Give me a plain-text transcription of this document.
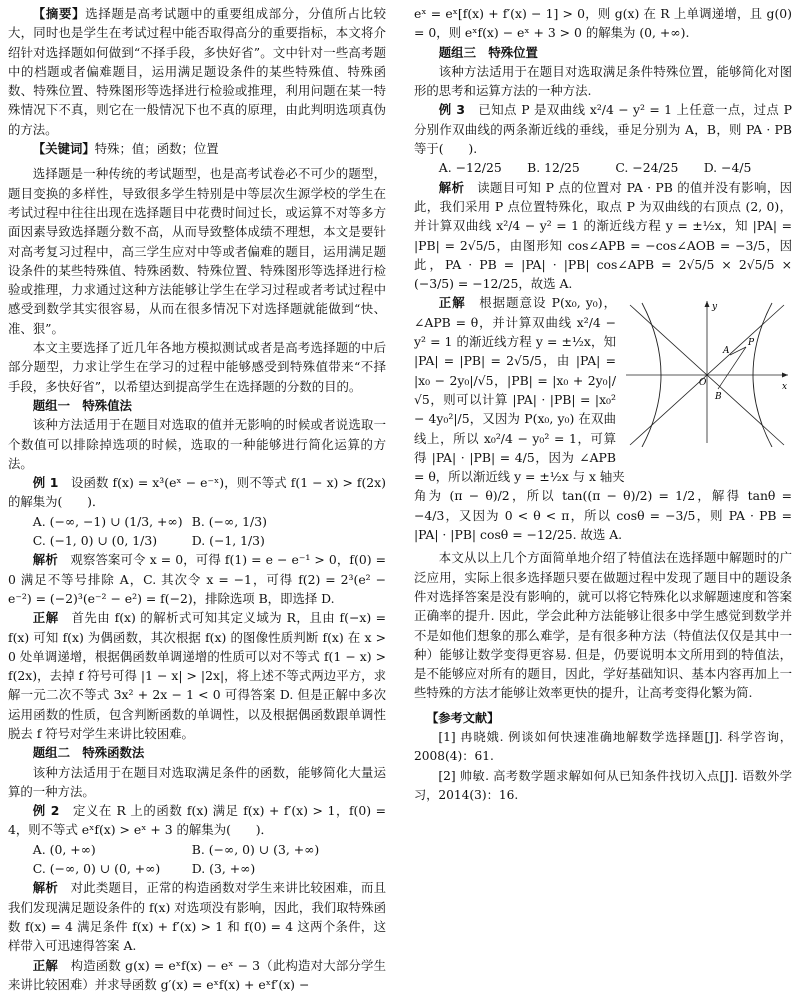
【摘要】选择题是高考试题中的重要组成部分，分值所占比较大，同时也是学生在考试过程中能否取得高分的重要指标，本文将介绍针对选择题如何做到“不择手段，多快好省”。文中针对一些高考题中的档题或者偏难题目，运用满足题设条件的某些特殊值、特殊函数、特殊位置、特殊图形等选择进行检验或推理，利用问题在某一特殊情况下不真，则它在一般情况下也不真的原理，由此判明选项真伪的方法。

【关键词】特殊；值；函数；位置

选择题是一种传统的考试题型，也是高考试卷必不可少的题型，题目变换的多样性，导致很多学生特别是中等层次生源学校的学生在考试过程中往往出现在选择题目中花费时间过长，或运算不对等多方面因素导致选择题分数不高，从而导致整体成绩不理想，本文是要针对高考复习过程中，高三学生应对中等或者偏难的题目，运用满足题设条件的某些特殊值、特殊函数、特殊位置、特殊图形等选择进行检验或推理，力求通过这种方法能够让学生在学习过程或者考试过程中感受到数学其实很容易，从而在很多情况下对选择题就能做到“快、准、狠”。

本文主要选择了近几年各地方模拟测试或者是高考选择题的中后部分题型，力求让学生在学习的过程中能够感受到特殊值带来“不择手段，多快好省”，以希望达到提高学生在选择题的分数的目的。

题组一　特殊值法

该种方法适用于在题目对选取的值并无影响的时候或者说选取一个数值可以排除掉选项的时候，选取的一种能够进行简化运算的方法。

例 1　 设函数 f(x) = x³(eˣ − e⁻ˣ)，则不等式 f(1 − x) > f(2x) 的解集为(　　)．

A. (−∞, −1) ∪ (1/3, +∞) B. (−∞, 1/3)
C. (−1, 0) ∪ (0, 1/3)	D. (−1, 1/3)

解析　 观察答案可令 x = 0，可得 f(1) = e − e⁻¹ > 0，f(0) = 0 满足不等号排除 A，C. 其次令 x = −1，可得 f(2) = 2³(e² − e⁻²) = (−2)³(e⁻² − e²) = f(−2)，排除选项 B，即选择 D.

正解　 首先由 f(x) 的解析式可知其定义域为 R，且由 f(−x) = f(x) 可知 f(x) 为偶函数，其次根据 f(x) 的图像性质判断 f(x) 在 x > 0 处单调递增，根据偶函数单调递增的性质可以对不等式 f(1 − x) > f(2x)，去掉 f 符号可得 |1 − x| > |2x|，将上述不等式两边平方，求解一元二次不等式 3x² + 2x − 1 < 0 可得答案 D. 但是正解中多次运用函数的性质，包含判断函数的单调性，以及根据偶函数跟单调性脱去 f 符号对学生来讲比较困难。

题组二　特殊函数法

该种方法适用于在题目对选取满足条件的函数，能够简化大量运算的一种方法。

例 2　 定义在 R 上的函数 f(x) 满足 f(x) + f′(x) > 1，f(0) = 4，则不等式 eˣf(x) > eˣ + 3 的解集为(　　)．

A. (0, +∞)	B. (−∞, 0) ∪ (3, +∞)
C. (−∞, 0) ∪ (0, +∞)	D. (3, +∞)

解析　 对此类题目，正常的构造函数对学生来讲比较困难，而且我们发现满足题设条件的 f(x) 对选项没有影响，因此，我们取特殊函数 f(x) = 4 满足条件 f(x) + f′(x) > 1 和 f(0) = 4 这两个条件，这样带入可迅速得答案 A.

正解　 构造函数 g(x) = eˣf(x) − eˣ − 3（此构造对大部分学生来讲比较困难）并求导函数 g′(x) = eˣf(x) + eˣf′(x) −

eˣ = eˣ[f(x) + f′(x) − 1] > 0，则 g(x) 在 R 上单调递增，且 g(0) = 0，则 eˣf(x) − eˣ + 3 > 0 的解集为 (0, +∞).

题组三　特殊位置

该种方法适用于在题目对选取满足条件特殊位置，能够简化对图形的思考和运算方法的一种方法.

例 3　 已知点 P 是双曲线 x²/4 − y² = 1 上任意一点，过点 P 分别作双曲线的两条渐近线的垂线，垂足分别为 A，B，则 PA · PB 等于(　　).

A. −12/25	B. 12/25	C. −24/25	D. −4/5

解析　 读题目可知 P 点的位置对 PA · PB 的值并没有影响，因此，我们采用 P 点位置特殊化，取点 P 为双曲线的右顶点 (2, 0)，并计算双曲线 x²/4 − y² = 1 的渐近线方程 y = ±½x，知 |PA| = |PB| = 2√5/5，由图形知 cos∠APB = −cos∠AOB = −3/5，因此，PA · PB = |PA| · |PB| cos∠APB = 2√5/5 × 2√5/5 × (−3/5) = −12/25，故选 A.

A
P
O
B
x
y

正解　 根据题意设 P(x₀, y₀)，∠APB = θ，并计算双曲线 x²/4 − y² = 1 的渐近线方程 y = ±½x，知 |PA| = |PB| = 2√5/5，由 |PA| = |x₀ − 2y₀|/√5，|PB| = |x₀ + 2y₀|/√5，则可以计算 |PA| · |PB| = |x₀² − 4y₀²|/5，又因为 P(x₀, y₀) 在双曲线上，所以 x₀²/4 − y₀² = 1，可算得 |PA| · |PB| = 4/5，因为 ∠APB = θ，所以渐近线 y = ±½x 与 x 轴夹

角为 (π − θ)/2，所以 tan((π − θ)/2) = 1/2，解得 tanθ = −4/3，又因为 0 < θ < π，所以 cosθ = −3/5，则 PA · PB = |PA| · |PB| cosθ = −12/25. 故选 A.

本文从以上几个方面简单地介绍了特值法在选择题中解题时的广泛应用，实际上很多选择题只要在做题过程中发现了题目中的题设条件对选择答案是没有影响的，就可以将它特殊化以求解题速度和答案正确率的提升. 因此，学会此种方法能够让很多中学生感觉到数学并不是如他们想象的那么难学，是有很多种方法（特值法仅仅是其中一种）能够让数学变得更容易. 但是，仍要说明本文所用到的特值法，是不能够应对所有的题目，因此，学好基础知识、基本内容再加上一些特殊的方法才能够让效率更快的提升，让高考变得化繁为简.

【参考文献】

[1] 冉晓娥. 例谈如何快速准确地解数学选择题[J]. 科学咨询，2008(4)：61.

[2] 帅敏. 高考数学题求解如何从已知条件找切入点[J]. 语数外学习，2014(3)：16.
